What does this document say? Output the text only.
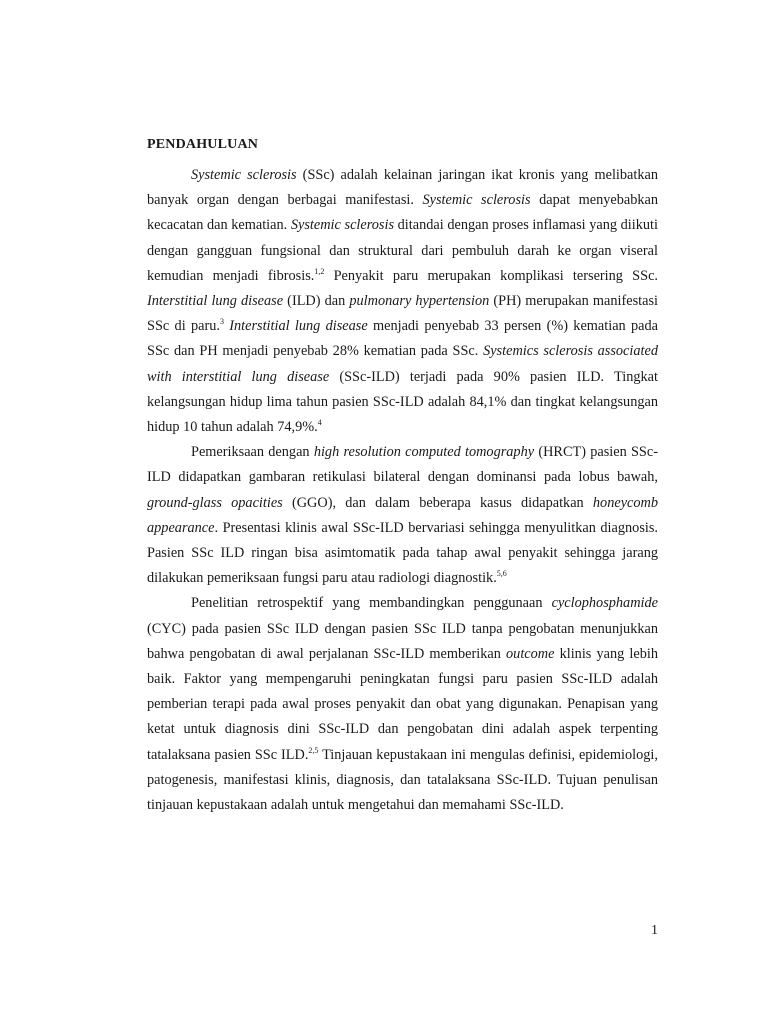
PENDAHULUAN

Systemic sclerosis (SSc) adalah kelainan jaringan ikat kronis yang melibatkan banyak organ dengan berbagai manifestasi. Systemic sclerosis dapat menyebabkan kecacatan dan kematian. Systemic sclerosis ditandai dengan proses inflamasi yang diikuti dengan gangguan fungsional dan struktural dari pembuluh darah ke organ viseral kemudian menjadi fibrosis.$^{1,2}$ Penyakit paru merupakan komplikasi tersering SSc. Interstitial lung disease (ILD) dan pulmonary hypertension (PH) merupakan manifestasi SSc di paru.$^3$ Interstitial lung disease menjadi penyebab 33 persen (%) kematian pada SSc dan PH menjadi penyebab 28% kematian pada SSc. Systemics sclerosis associated with interstitial lung disease (SSc-ILD) terjadi pada 90% pasien ILD. Tingkat kelangsungan hidup lima tahun pasien SSc-ILD adalah 84,1% dan tingkat kelangsungan hidup 10 tahun adalah 74,9%.$^4$

Pemeriksaan dengan high resolution computed tomography (HRCT) pasien SSc-ILD didapatkan gambaran retikulasi bilateral dengan dominansi pada lobus bawah, ground-glass opacities (GGO), dan dalam beberapa kasus didapatkan honeycomb appearance. Presentasi klinis awal SSc-ILD bervariasi sehingga menyulitkan diagnosis. Pasien SSc ILD ringan bisa asimtomatik pada tahap awal penyakit sehingga jarang dilakukan pemeriksaan fungsi paru atau radiologi diagnostik.$^{5,6}$

Penelitian retrospektif yang membandingkan penggunaan cyclophosphamide (CYC) pada pasien SSc ILD dengan pasien SSc ILD tanpa pengobatan menunjukkan bahwa pengobatan di awal perjalanan SSc-ILD memberikan outcome klinis yang lebih baik. Faktor yang mempengaruhi peningkatan fungsi paru pasien SSc-ILD adalah pemberian terapi pada awal proses penyakit dan obat yang digunakan. Penapisan yang ketat untuk diagnosis dini SSc-ILD dan pengobatan dini adalah aspek terpenting tatalaksana pasien SSc ILD.$^{2,5}$ Tinjauan kepustakaan ini mengulas definisi, epidemiologi, patogenesis, manifestasi klinis, diagnosis, dan tatalaksana SSc-ILD. Tujuan penulisan tinjauan kepustakaan adalah untuk mengetahui dan memahami SSc-ILD.

1
